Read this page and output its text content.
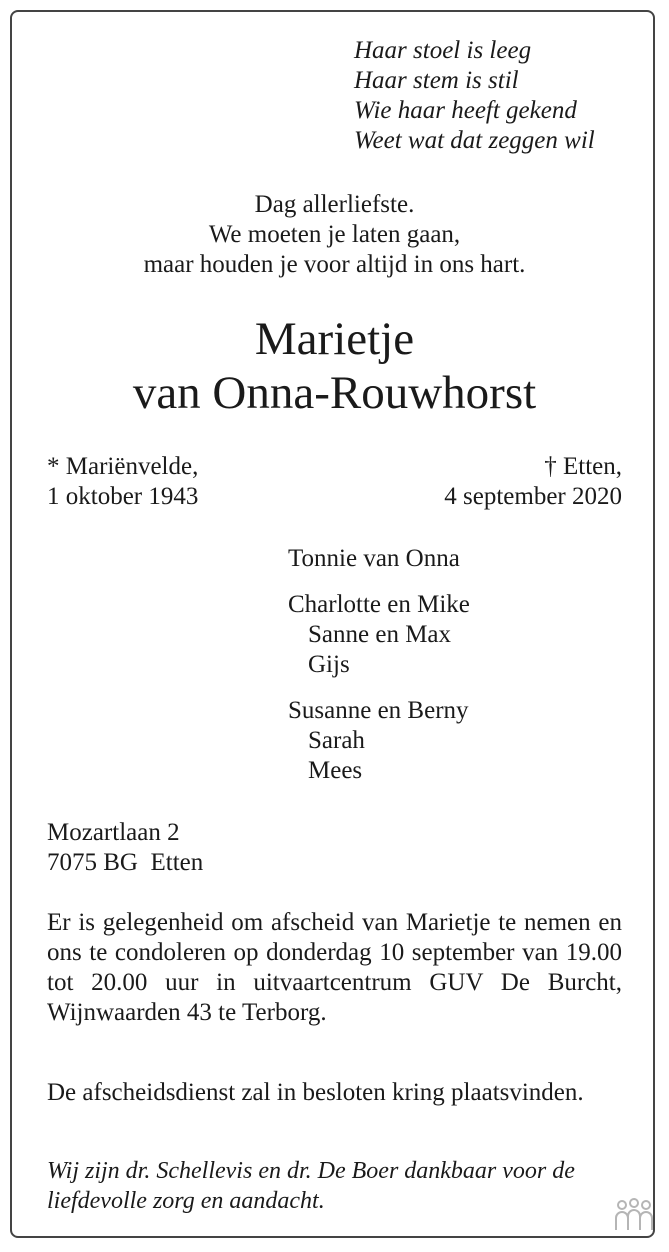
Haar stoel is leeg
Haar stem is stil
Wie haar heeft gekend
Weet wat dat zeggen wil
Dag allerliefste.
We moeten je laten gaan,
maar houden je voor altijd in ons hart.
Marietje
van Onna-Rouwhorst
* Mariënvelde,
1 oktober 1943
† Etten,
4 september 2020
Tonnie van Onna
Charlotte en Mike
Sanne en Max
Gijs
Susanne en Berny
Sarah
Mees
Mozartlaan 2
7075 BG  Etten
Er is gelegenheid om afscheid van Marietje te nemen en ons te condoleren op donderdag 10 september van 19.00 tot 20.00 uur in uitvaartcentrum GUV De Burcht, Wijnwaarden 43 te Terborg.
De afscheidsdienst zal in besloten kring plaatsvinden.
Wij zijn dr. Schellevis en dr. De Boer dankbaar voor de liefdevolle zorg en aandacht.
